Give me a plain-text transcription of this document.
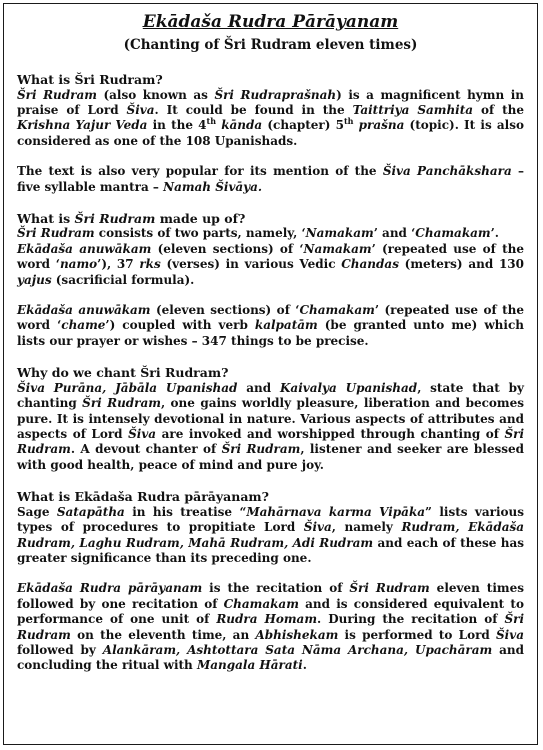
Ekādaša Rudra Pārāyanam
(Chanting of Šri Rudram eleven times)
What is Šri Rudram?

Šri Rudram (also known as Šri Rudraprašnah) is a magnificent hymn in praise of Lord Šiva. It could be found in the Taittriya Samhita of the Krishna Yajur Veda in the 4th kānda (chapter) 5th prašna (topic). It is also considered as one of the 108 Upanishads.

The text is also very popular for its mention of the Šiva Panchākshara – five syllable mantra – Namah Šivāya.

What is Šri Rudram made up of?

Šri Rudram consists of two parts, namely, ‘Namakam’ and ‘Chamakam’.

Ekādaša anuwākam (eleven sections) of ‘Namakam’ (repeated use of the word ‘namo’), 37 rks (verses) in various Vedic Chandas (meters) and 130 yajus (sacrificial formula).

Ekādaša anuwākam (eleven sections) of ‘Chamakam’ (repeated use of the word ‘chame’) coupled with verb kalpatām (be granted unto me) which lists our prayer or wishes – 347 things to be precise.

Why do we chant Šri Rudram?

Šiva Purāna, Jābāla Upanishad and Kaivalya Upanishad, state that by chanting Šri Rudram, one gains worldly pleasure, liberation and becomes pure. It is intensely devotional in nature. Various aspects of attributes and aspects of Lord Šiva are invoked and worshipped through chanting of Šri Rudram. A devout chanter of Šri Rudram, listener and seeker are blessed with good health, peace of mind and pure joy.

What is Ekādaša Rudra pārāyanam?

Sage Satapātha in his treatise “Mahārnava karma Vipāka” lists various types of procedures to propitiate Lord Šiva, namely Rudram, Ekādaša Rudram, Laghu Rudram, Mahā Rudram, Adi Rudram and each of these has greater significance than its preceding one.

Ekādaša Rudra pārāyanam is the recitation of Šri Rudram eleven times followed by one recitation of Chamakam and is considered equivalent to performance of one unit of Rudra Homam. During the recitation of Šri Rudram on the eleventh time, an Abhishekam is performed to Lord Šiva followed by Alankāram, Ashtottara Sata Nāma Archana, Upachāram and concluding the ritual with Mangala Hārati.
